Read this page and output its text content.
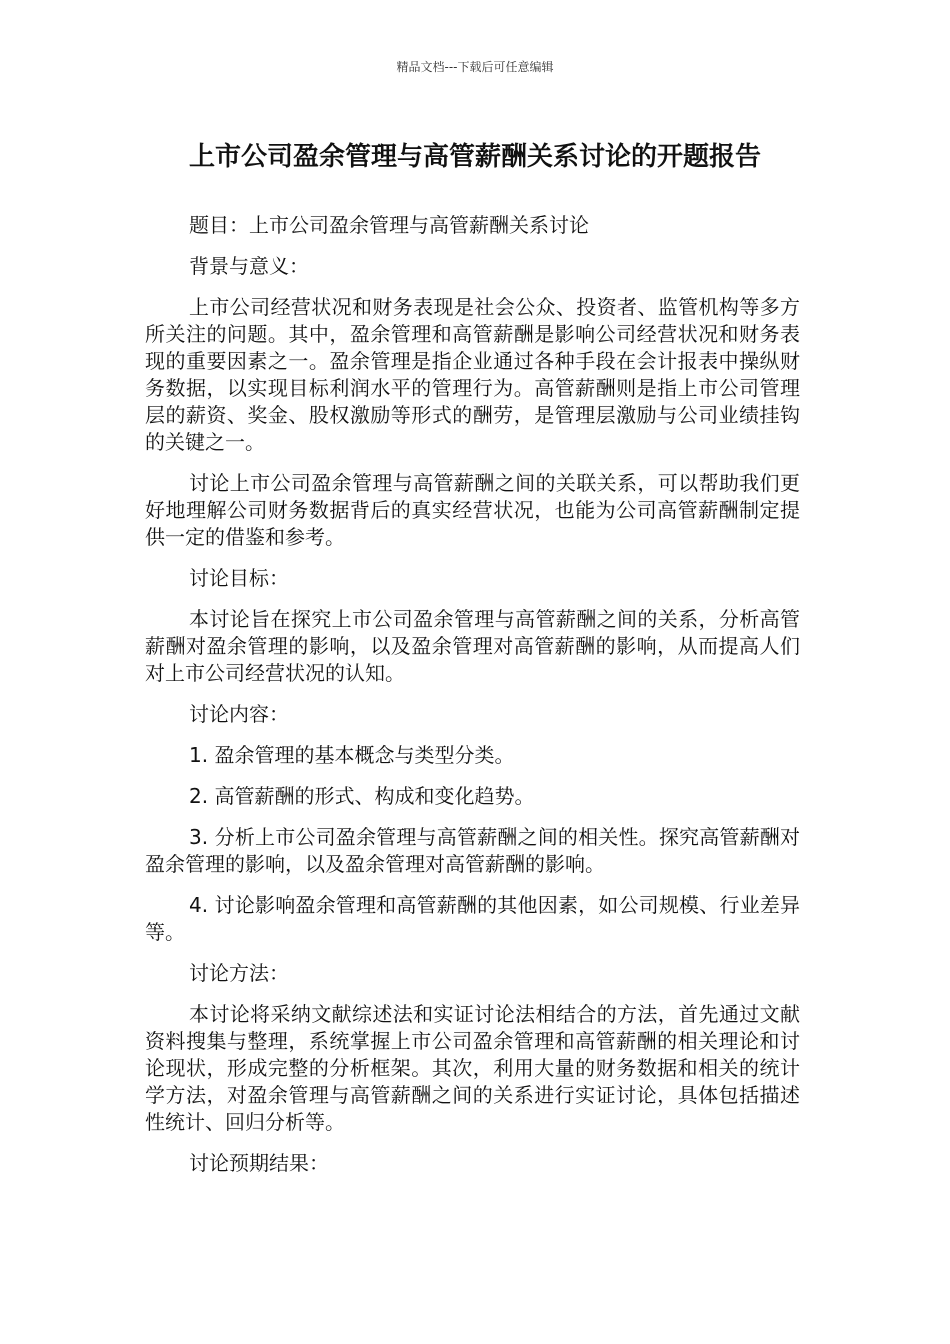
精品文档---下载后可任意编辑
上市公司盈余管理与高管薪酬关系讨论的开题报告

题目：上市公司盈余管理与高管薪酬关系讨论

背景与意义：

上市公司经营状况和财务表现是社会公众、投资者、监管机构等多方所关注的问题。其中，盈余管理和高管薪酬是影响公司经营状况和财务表现的重要因素之一。盈余管理是指企业通过各种手段在会计报表中操纵财务数据，以实现目标利润水平的管理行为。高管薪酬则是指上市公司管理层的薪资、奖金、股权激励等形式的酬劳，是管理层激励与公司业绩挂钩的关键之一。

讨论上市公司盈余管理与高管薪酬之间的关联关系，可以帮助我们更好地理解公司财务数据背后的真实经营状况，也能为公司高管薪酬制定提供一定的借鉴和参考。

讨论目标：

本讨论旨在探究上市公司盈余管理与高管薪酬之间的关系，分析高管薪酬对盈余管理的影响，以及盈余管理对高管薪酬的影响，从而提高人们对上市公司经营状况的认知。

讨论内容：

1. 盈余管理的基本概念与类型分类。

2. 高管薪酬的形式、构成和变化趋势。

3. 分析上市公司盈余管理与高管薪酬之间的相关性。探究高管薪酬对盈余管理的影响，以及盈余管理对高管薪酬的影响。

4. 讨论影响盈余管理和高管薪酬的其他因素，如公司规模、行业差异等。

讨论方法：

本讨论将采纳文献综述法和实证讨论法相结合的方法，首先通过文献资料搜集与整理，系统掌握上市公司盈余管理和高管薪酬的相关理论和讨论现状，形成完整的分析框架。其次，利用大量的财务数据和相关的统计学方法，对盈余管理与高管薪酬之间的关系进行实证讨论，具体包括描述性统计、回归分析等。

讨论预期结果：
